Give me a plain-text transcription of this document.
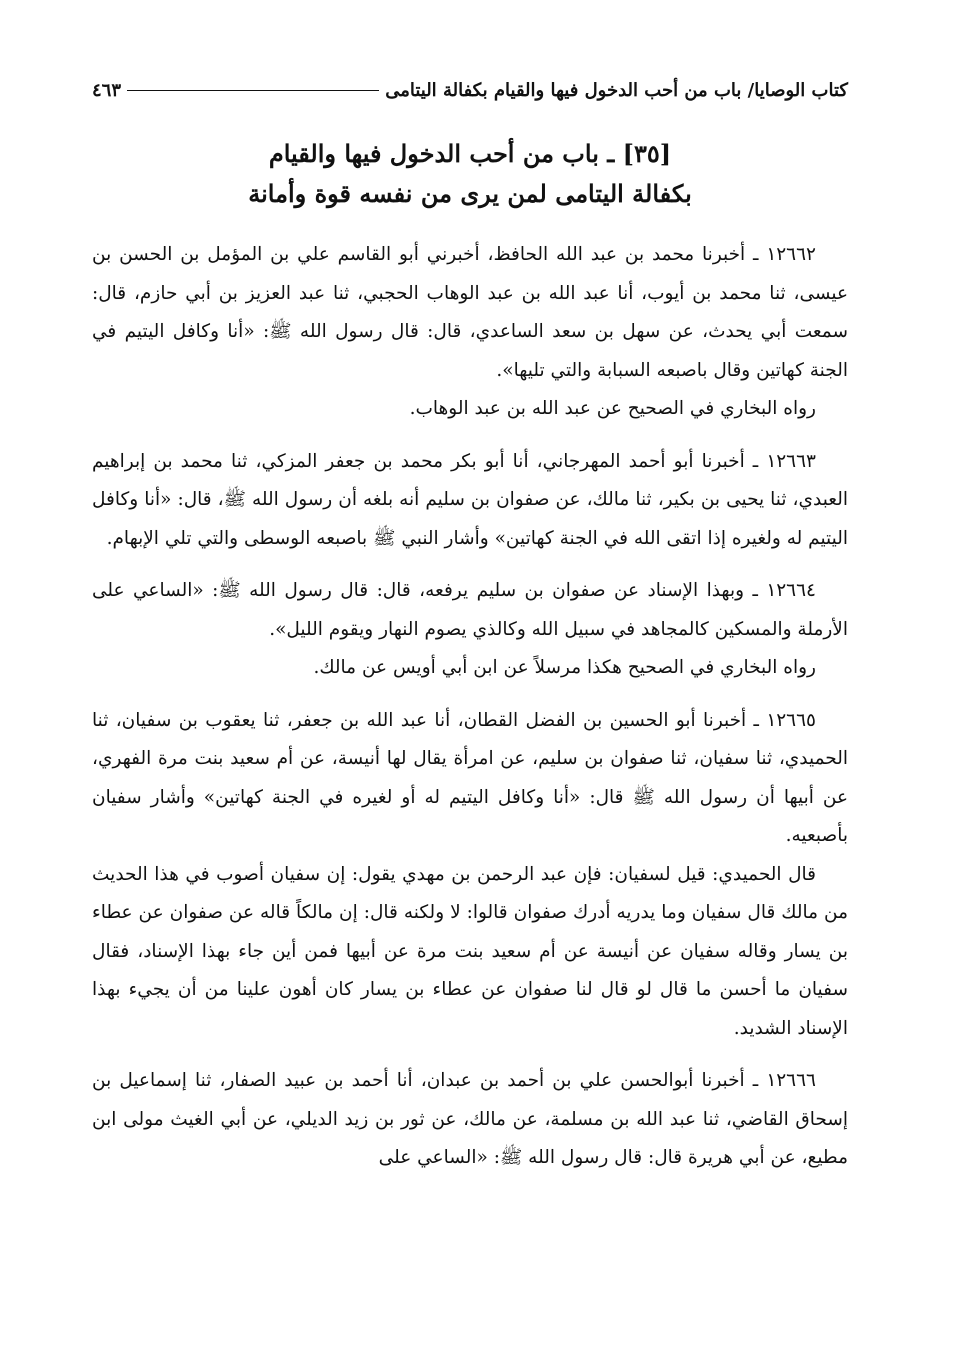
كتاب الوصايا/ باب من أحب الدخول فيها والقيام بكفالة اليتامى
٤٦٣
[٣٥] ـ باب من أحب الدخول فيها والقيام
بكفالة اليتامى لمن يرى من نفسه قوة وأمانة

١٢٦٦٢ ـ أخبرنا محمد بن عبد الله الحافظ، أخبرني أبو القاسم علي بن المؤمل بن الحسن بن عيسى، ثنا محمد بن أيوب، أنا عبد الله بن عبد الوهاب الحجبي، ثنا عبد العزيز بن أبي حازم، قال: سمعت أبي يحدث، عن سهل بن سعد الساعدي، قال: قال رسول الله ﷺ: «أنا وكافل اليتيم في الجنة كهاتين وقال باصبعه السبابة والتي تليها».

رواه البخاري في الصحيح عن عبد الله بن عبد الوهاب.

١٢٦٦٣ ـ أخبرنا أبو أحمد المهرجاني، أنا أبو بكر محمد بن جعفر المزكي، ثنا محمد بن إبراهيم العبدي، ثنا يحيى بن بكير، ثنا مالك، عن صفوان بن سليم أنه بلغه أن رسول الله ﷺ، قال: «أنا وكافل اليتيم له ولغيره إذا اتقى الله في الجنة كهاتين» وأشار النبي ﷺ باصبعه الوسطى والتي تلي الإبهام.

١٢٦٦٤ ـ وبهذا الإسناد عن صفوان بن سليم يرفعه، قال: قال رسول الله ﷺ: «الساعي على الأرملة والمسكين كالمجاهد في سبيل الله وكالذي يصوم النهار ويقوم الليل».

رواه البخاري في الصحيح هكذا مرسلاً عن ابن أبي أويس عن مالك.

١٢٦٦٥ ـ أخبرنا أبو الحسين بن الفضل القطان، أنا عبد الله بن جعفر، ثنا يعقوب بن سفيان، ثنا الحميدي، ثنا سفيان، ثنا صفوان بن سليم، عن امرأة يقال لها أنيسة، عن أم سعيد بنت مرة الفهري، عن أبيها أن رسول الله ﷺ قال: «أنا وكافل اليتيم له أو لغيره في الجنة كهاتين» وأشار سفيان بأصبعيه.

قال الحميدي: قيل لسفيان: فإن عبد الرحمن بن مهدي يقول: إن سفيان أصوب في هذا الحديث من مالك قال سفيان وما يدريه أدرك صفوان قالوا: لا ولكنه قال: إن مالكاً قاله عن صفوان عن عطاء بن يسار وقاله سفيان عن أنيسة عن أم سعيد بنت مرة عن أبيها فمن أين جاء بهذا الإسناد، فقال سفيان ما أحسن ما قال لو قال لنا صفوان عن عطاء بن يسار كان أهون علينا من أن يجيء بهذا الإسناد الشديد.

١٢٦٦٦ ـ أخبرنا أبوالحسن علي بن أحمد بن عبدان، أنا أحمد بن عبيد الصفار، ثنا إسماعيل بن إسحاق القاضي، ثنا عبد الله بن مسلمة، عن مالك، عن ثور بن زيد الديلي، عن أبي الغيث مولى ابن مطيع، عن أبي هريرة قال: قال رسول الله ﷺ: «الساعي على
